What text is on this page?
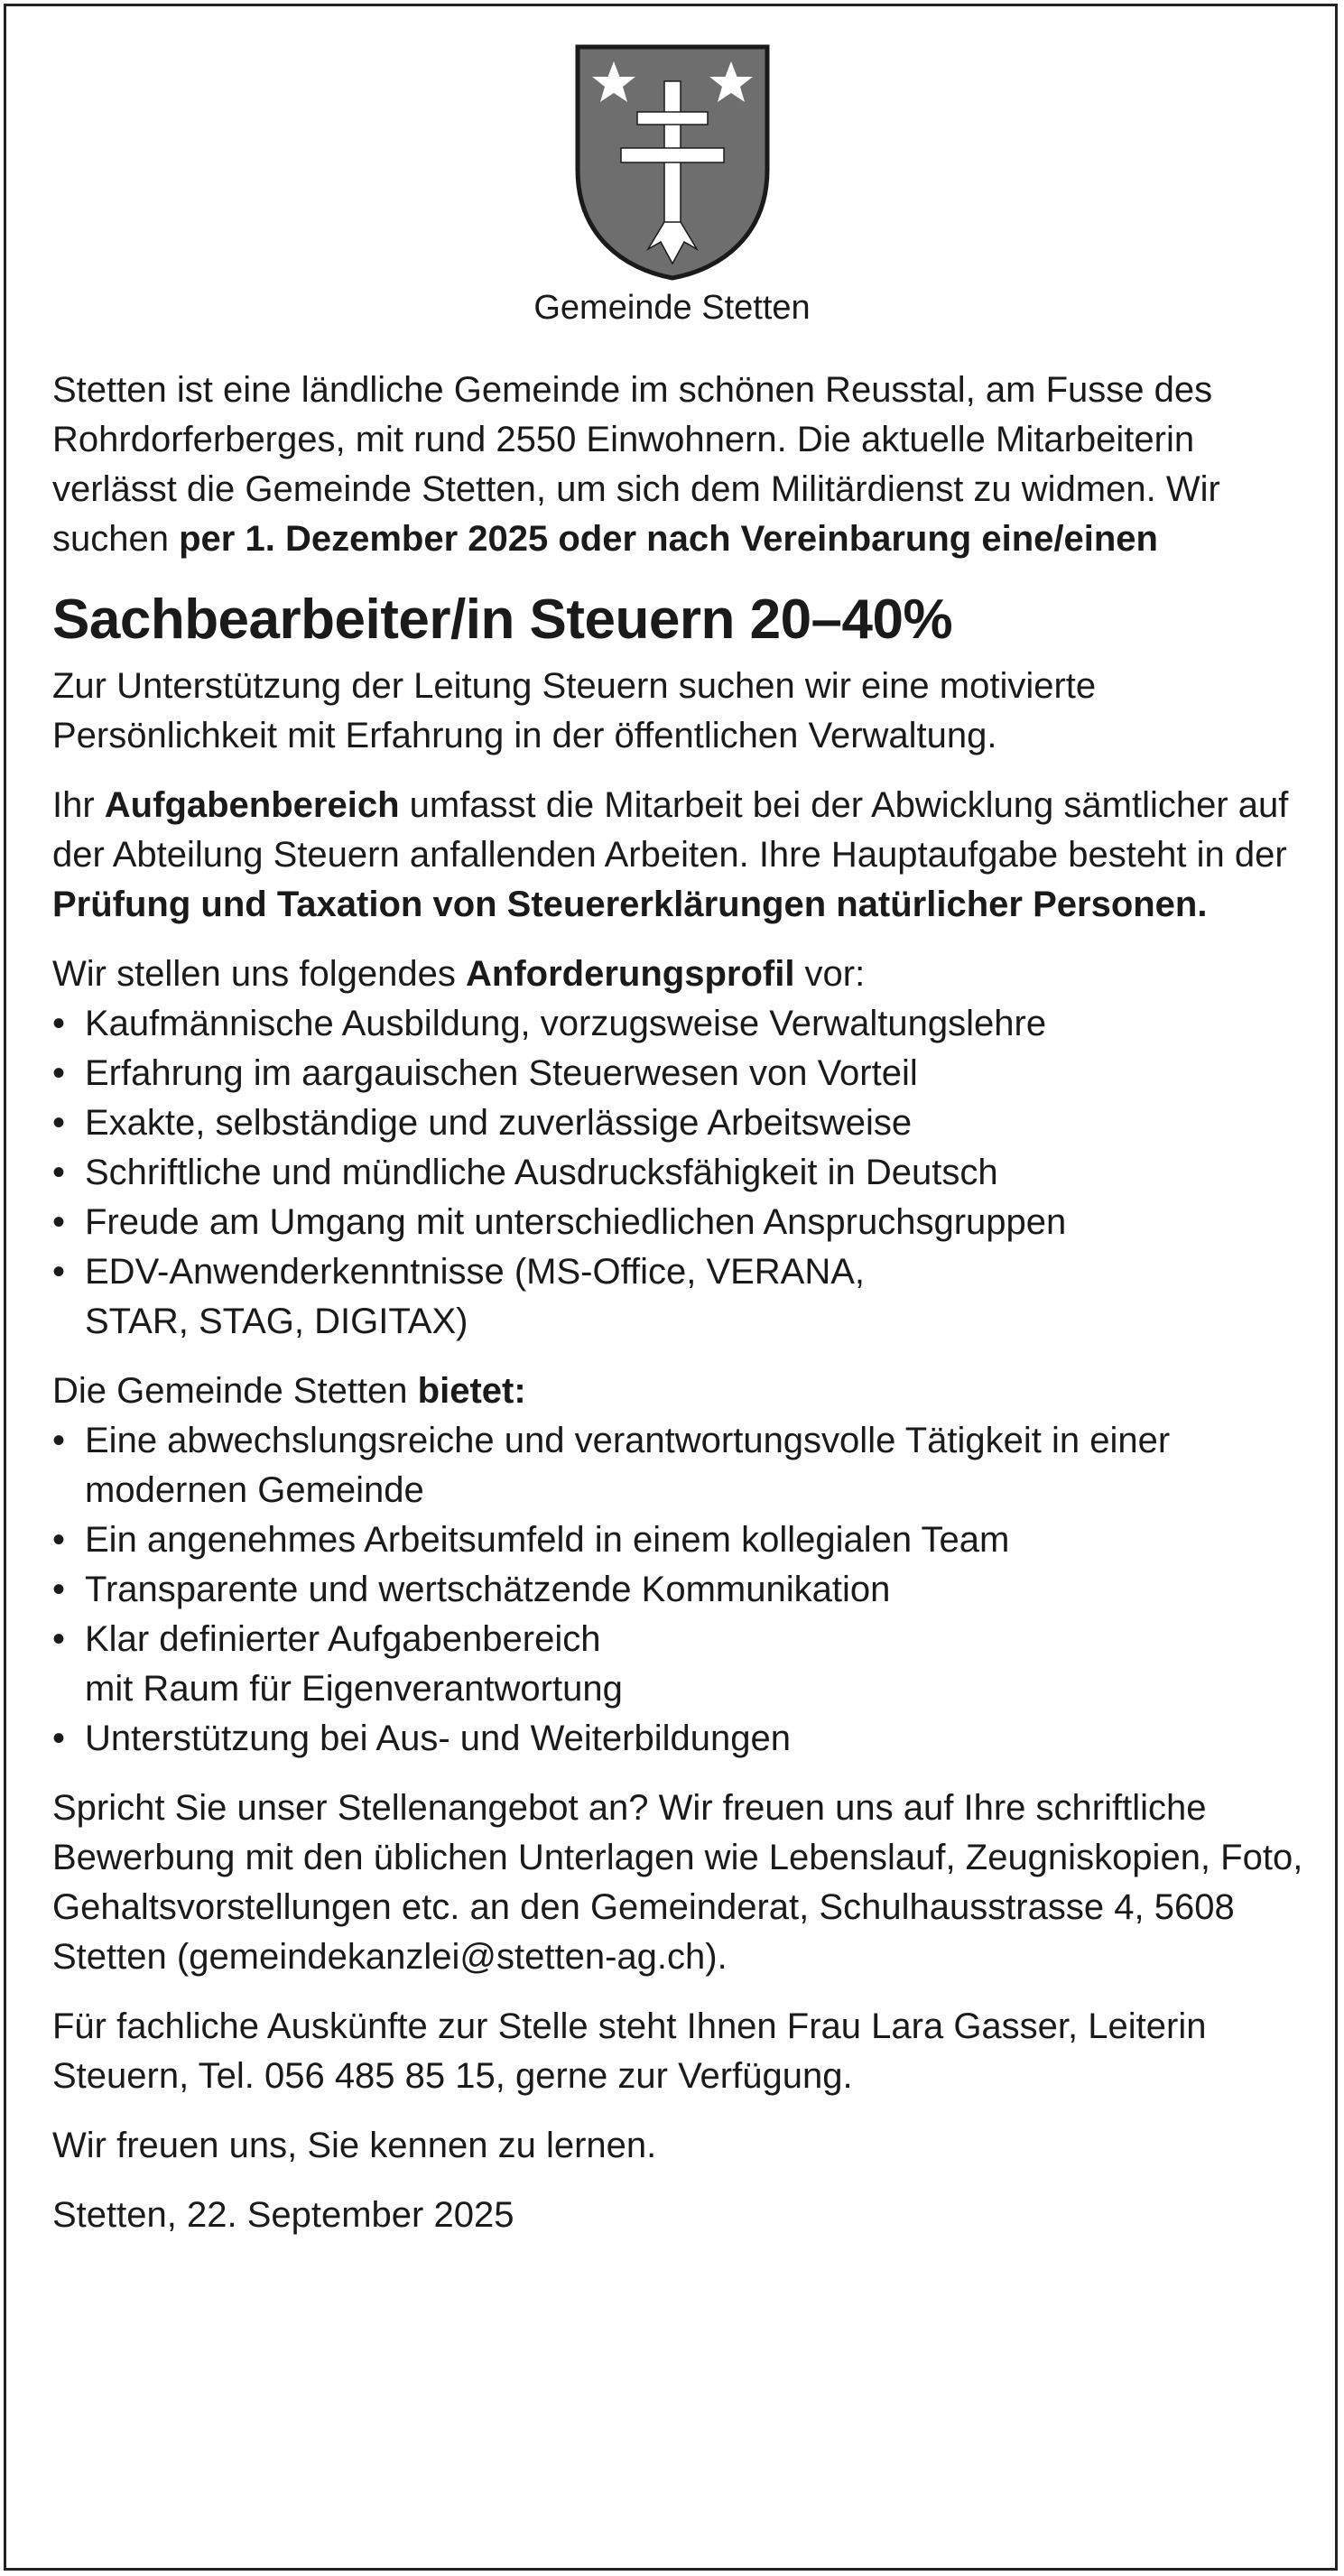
Gemeinde Stetten

Stetten ist eine ländliche Gemeinde im schönen Reusstal, am Fusse des Rohrdorferberges, mit rund 2550 Einwohnern. Die aktuelle Mitarbeiterin verlässt die Gemeinde Stetten, um sich dem Militärdienst zu widmen. Wir suchen per 1. Dezember 2025 oder nach Vereinbarung eine/einen

Sachbearbeiter/in Steuern 20–40%

Zur Unterstützung der Leitung Steuern suchen wir eine motivierte Persönlichkeit mit Erfahrung in der öffentlichen Verwaltung.

Ihr Aufgabenbereich umfasst die Mitarbeit bei der Abwicklung sämtlicher auf der Abteilung Steuern anfallenden Arbeiten. Ihre Hauptaufgabe besteht in der Prüfung und Taxation von Steuererklärungen natürlicher Personen.

Wir stellen uns folgendes Anforderungsprofil vor:

• Kaufmännische Ausbildung, vorzugsweise Verwaltungslehre
• Erfahrung im aargauischen Steuerwesen von Vorteil
• Exakte, selbständige und zuverlässige Arbeitsweise
• Schriftliche und mündliche Ausdrucksfähigkeit in Deutsch
• Freude am Umgang mit unterschiedlichen Anspruchsgruppen
• EDV-Anwenderkenntnisse (MS-Office, VERANA, STAR, STAG, DIGITAX)

Die Gemeinde Stetten bietet:

• Eine abwechslungsreiche und verantwortungsvolle Tätigkeit in einer modernen Gemeinde
• Ein angenehmes Arbeitsumfeld in einem kollegialen Team
• Transparente und wertschätzende Kommunikation
• Klar definierter Aufgabenbereich mit Raum für Eigenverantwortung
• Unterstützung bei Aus- und Weiterbildungen

Spricht Sie unser Stellenangebot an? Wir freuen uns auf Ihre schriftliche Bewerbung mit den üblichen Unterlagen wie Lebenslauf, Zeugniskopien, Foto, Gehaltsvorstellungen etc. an den Gemeinderat, Schulhausstrasse 4, 5608 Stetten (gemeindekanzlei@stetten-ag.ch).

Für fachliche Auskünfte zur Stelle steht Ihnen Frau Lara Gasser, Leiterin Steuern, Tel. 056 485 85 15, gerne zur Verfügung.

Wir freuen uns, Sie kennen zu lernen.

Stetten, 22. September 2025
